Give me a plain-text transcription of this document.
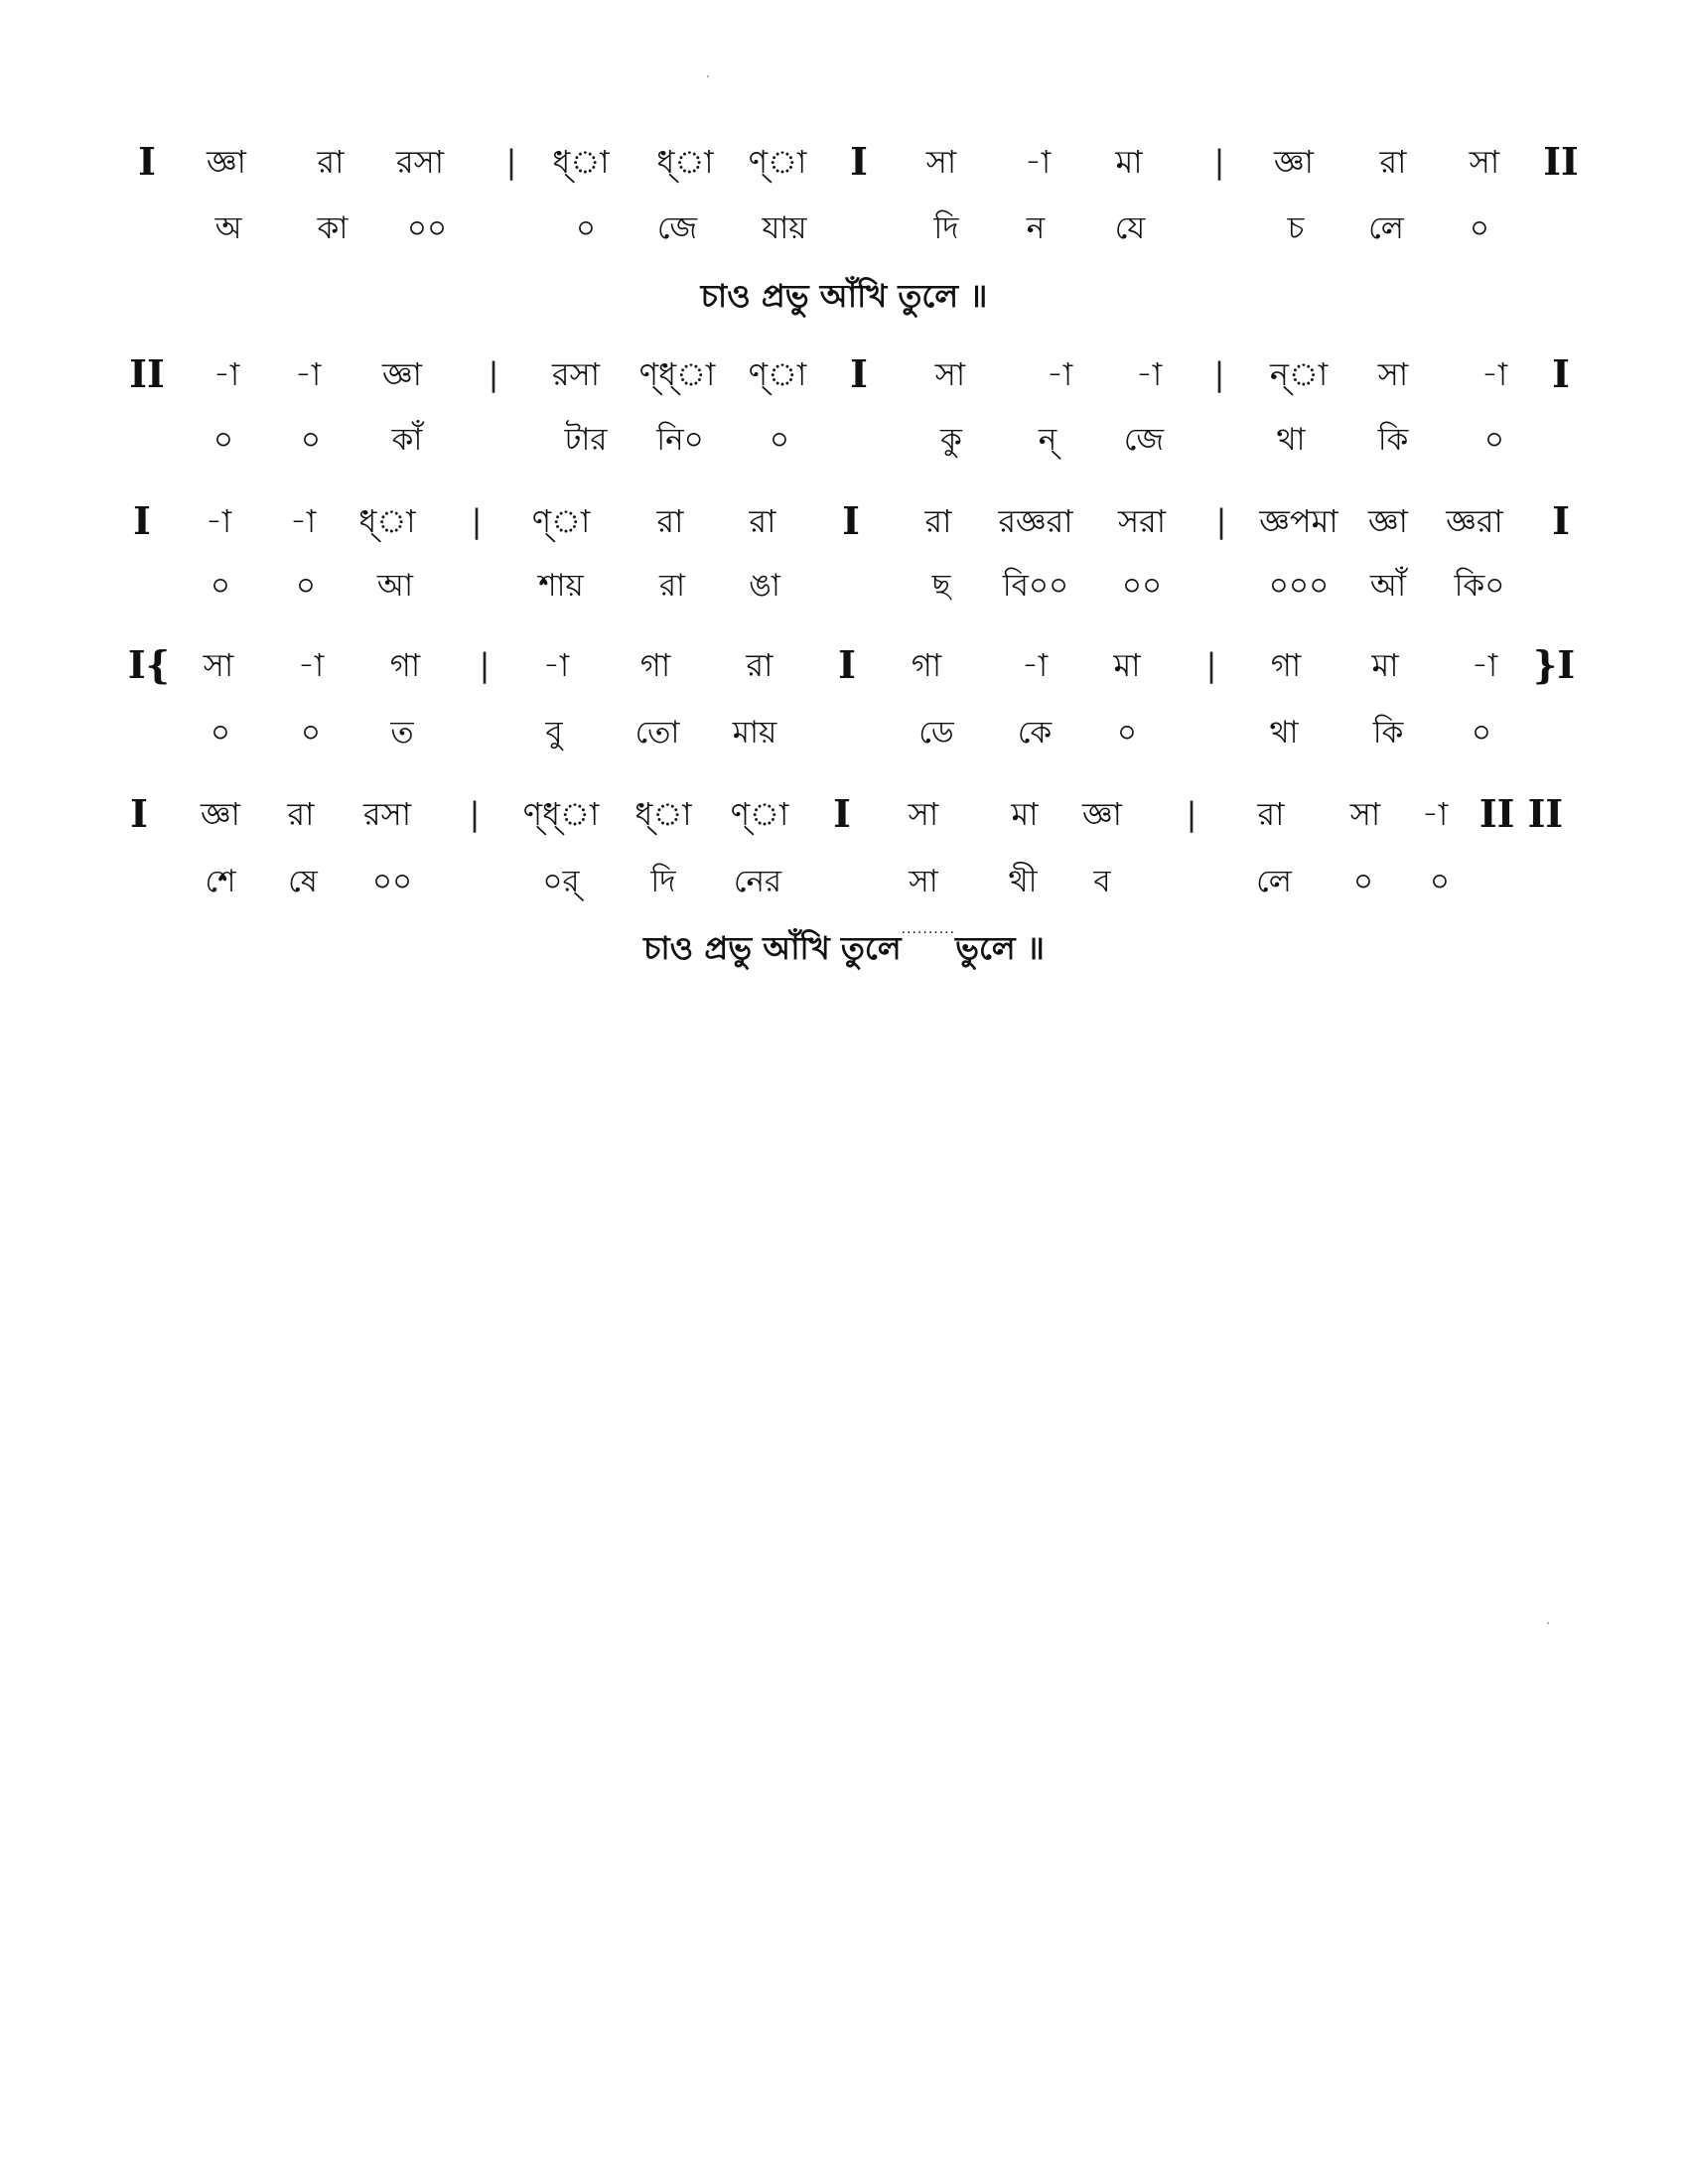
I জ্ঞা রা রসা | ধ্া ধ্া ণ্া I সা -া মা | জ্ঞা রা সা II
অ কা ০০	০ জে যায়	দি ন যে	চ লে ০
চাও প্রভু আঁখি তুলে ॥
II -া -া জ্ঞা | রসা ণ্ধ্া ণ্া I সা	-া -া | ন্া সা -া I
০ ০ কাঁ	টার নি০ ০	কু ন্ জে	থা কি ০
I -া -া ধ্া | ণ্া রা রা I রা রজ্ঞরা সরা | জ্ঞপমা জ্ঞা জ্ঞরা I
০ ০ আ	শায় রা ঙা	ছ বি০০ ০০	০০০ আঁ কি০
I{ সা -া গা | -া গা রা I গা	-া মা | গা মা -া }I
০ ০ ত	বু তো মায়	ডে কে ০	থা কি ০
I জ্ঞা রা রসা | ণ্ধ্া ধ্া ণ্া I সা মা জ্ঞা | রা সা -া II II
শে ষে ০০	০র্ দি নের	সা থী ব	লে ০ ০
চাও প্রভু আঁখি তুলে··········ভুলে ॥
